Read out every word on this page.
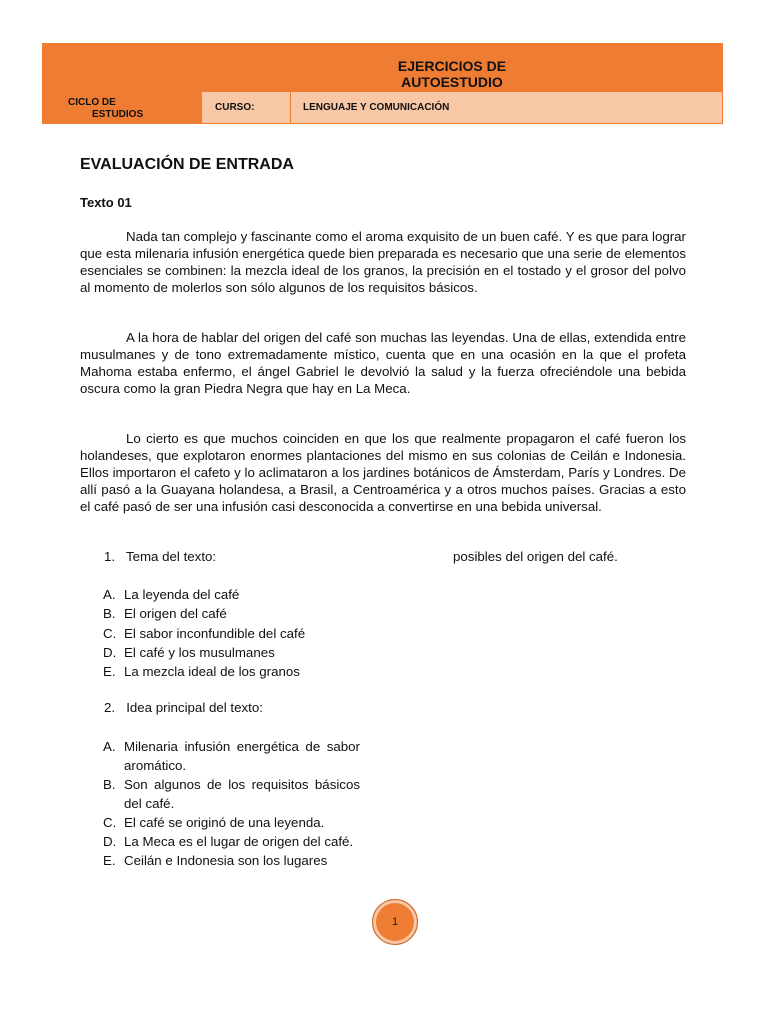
EJERCICIOS DE
AUTOESTUDIO
CICLO DE
ESTUDIOS
CURSO:	LENGUAJE Y COMUNICACIÓN
EVALUACIÓN DE ENTRADA
Texto 01

Nada tan complejo y fascinante como el aroma exquisito de un buen café. Y es que para lograr que esta milenaria infusión energética quede bien preparada es necesario que una serie de elementos esenciales se combinen: la mezcla ideal de los granos, la precisión en el tostado y el grosor del polvo al momento de molerlos son sólo algunos de los requisitos básicos.

A la hora de hablar del origen del café son muchas las leyendas. Una de ellas, extendida entre musulmanes y de tono extremadamente místico, cuenta que en una ocasión en la que el profeta Mahoma estaba enfermo, el ángel Gabriel le devolvió la salud y la fuerza ofreciéndole una bebida oscura como la gran Piedra Negra que hay en La Meca.

Lo cierto es que muchos coinciden en que los que realmente propagaron el café fueron los holandeses, que explotaron enormes plantaciones del mismo en sus colonias de Ceilán e Indonesia. Ellos importaron el cafeto y lo aclimataron a los jardines botánicos de Ámsterdam, París y Londres. De allí pasó a la Guayana holandesa, a Brasil, a Centroamérica y a otros muchos países. Gracias a esto el café pasó de ser una infusión casi desconocida a convertirse en una bebida universal.

1. Tema del texto:	posibles del origen del café.
A. La leyenda del café
B. El origen del café
C. El sabor inconfundible del café
D. El café y los musulmanes
E. La mezcla ideal de los granos
2. Idea principal del texto:
A. Milenaria infusión energética de sabor aromático.
B. Son algunos de los requisitos básicos del café.
C. El café se originó de una leyenda.
D. La Meca es el lugar de origen del café.
E. Ceilán e Indonesia son los lugares
1
